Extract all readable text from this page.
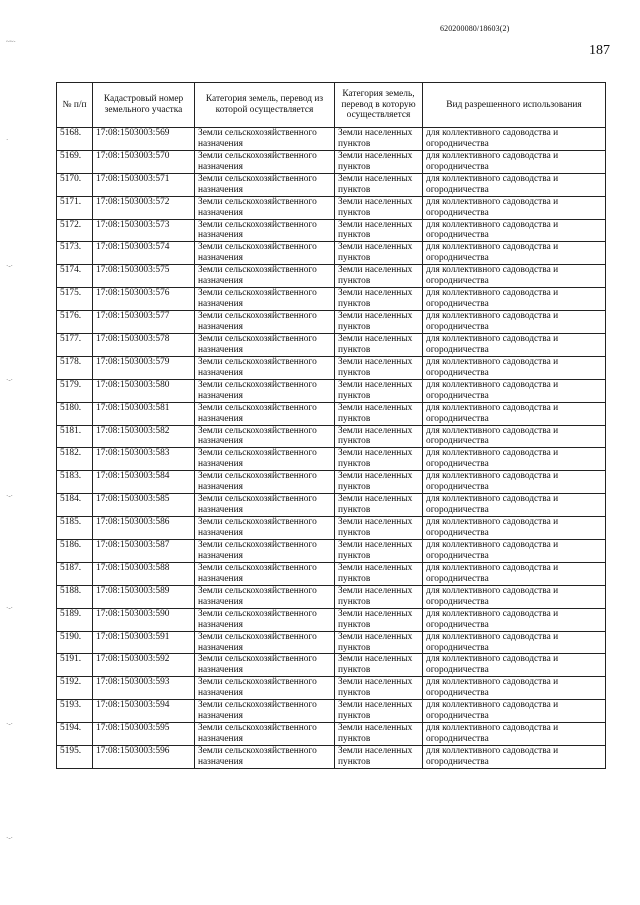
620200080/18603(2)
187
~~·
·
·-·
·-·
·-·
·-·
·-·
·-·
№ п/п	Кадастровый номер земельного участка	Категория земель, перевод из которой осуществляется	Категория земель, перевод в которую осуществляется	Вид разрешенного использования
5168.	17:08:1503003:569	Земли сельскохозяйственного назначения	Земли населенных пунктов	для коллективного садоводства и огородничества
5169.	17:08:1503003:570	Земли сельскохозяйственного назначения	Земли населенных пунктов	для коллективного садоводства и огородничества
5170.	17:08:1503003:571	Земли сельскохозяйственного назначения	Земли населенных пунктов	для коллективного садоводства и огородничества
5171.	17:08:1503003:572	Земли сельскохозяйственного назначения	Земли населенных пунктов	для коллективного садоводства и огородничества
5172.	17:08:1503003:573	Земли сельскохозяйственного назначения	Земли населенных пунктов	для коллективного садоводства и огородничества
5173.	17:08:1503003:574	Земли сельскохозяйственного назначения	Земли населенных пунктов	для коллективного садоводства и огородничества
5174.	17:08:1503003:575	Земли сельскохозяйственного назначения	Земли населенных пунктов	для коллективного садоводства и огородничества
5175.	17:08:1503003:576	Земли сельскохозяйственного назначения	Земли населенных пунктов	для коллективного садоводства и огородничества
5176.	17:08:1503003:577	Земли сельскохозяйственного назначения	Земли населенных пунктов	для коллективного садоводства и огородничества
5177.	17:08:1503003:578	Земли сельскохозяйственного назначения	Земли населенных пунктов	для коллективного садоводства и огородничества
5178.	17:08:1503003:579	Земли сельскохозяйственного назначения	Земли населенных пунктов	для коллективного садоводства и огородничества
5179.	17:08:1503003:580	Земли сельскохозяйственного назначения	Земли населенных пунктов	для коллективного садоводства и огородничества
5180.	17:08:1503003:581	Земли сельскохозяйственного назначения	Земли населенных пунктов	для коллективного садоводства и огородничества
5181.	17:08:1503003:582	Земли сельскохозяйственного назначения	Земли населенных пунктов	для коллективного садоводства и огородничества
5182.	17:08:1503003:583	Земли сельскохозяйственного назначения	Земли населенных пунктов	для коллективного садоводства и огородничества
5183.	17:08:1503003:584	Земли сельскохозяйственного назначения	Земли населенных пунктов	для коллективного садоводства и огородничества
5184.	17:08:1503003:585	Земли сельскохозяйственного назначения	Земли населенных пунктов	для коллективного садоводства и огородничества
5185.	17:08:1503003:586	Земли сельскохозяйственного назначения	Земли населенных пунктов	для коллективного садоводства и огородничества
5186.	17:08:1503003:587	Земли сельскохозяйственного назначения	Земли населенных пунктов	для коллективного садоводства и огородничества
5187.	17:08:1503003:588	Земли сельскохозяйственного назначения	Земли населенных пунктов	для коллективного садоводства и огородничества
5188.	17:08:1503003:589	Земли сельскохозяйственного назначения	Земли населенных пунктов	для коллективного садоводства и огородничества
5189.	17:08:1503003:590	Земли сельскохозяйственного назначения	Земли населенных пунктов	для коллективного садоводства и огородничества
5190.	17:08:1503003:591	Земли сельскохозяйственного назначения	Земли населенных пунктов	для коллективного садоводства и огородничества
5191.	17:08:1503003:592	Земли сельскохозяйственного назначения	Земли населенных пунктов	для коллективного садоводства и огородничества
5192.	17:08:1503003:593	Земли сельскохозяйственного назначения	Земли населенных пунктов	для коллективного садоводства и огородничества
5193.	17:08:1503003:594	Земли сельскохозяйственного назначения	Земли населенных пунктов	для коллективного садоводства и огородничества
5194.	17:08:1503003:595	Земли сельскохозяйственного назначения	Земли населенных пунктов	для коллективного садоводства и огородничества
5195.	17:08:1503003:596	Земли сельскохозяйственного назначения	Земли населенных пунктов	для коллективного садоводства и огородничества
